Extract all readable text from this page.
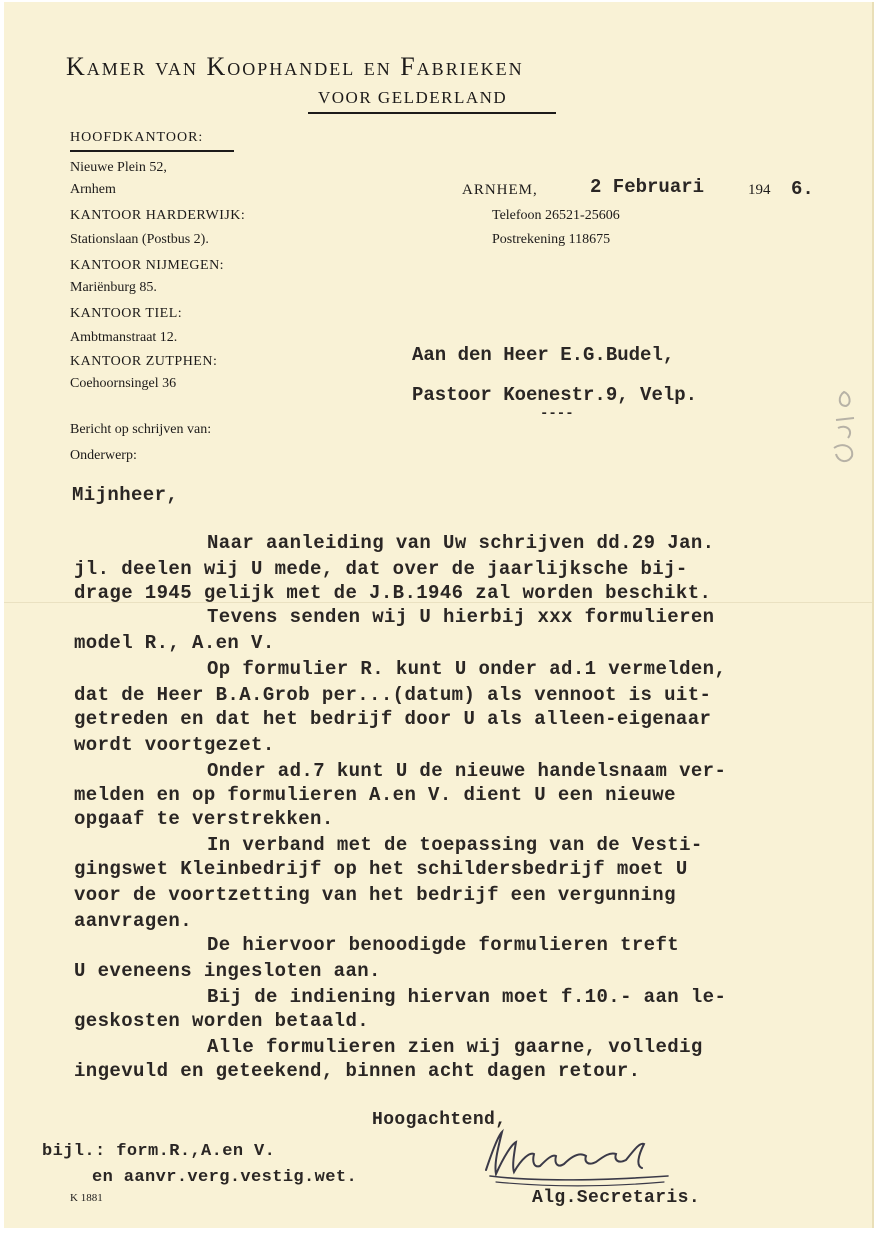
Kamer van Koophandel en Fabrieken
VOOR GELDERLAND
HOOFDKANTOOR:
Nieuwe Plein 52,
Arnhem
KANTOOR HARDERWIJK:
Stationslaan (Postbus 2).
KANTOOR NIJMEGEN:
Mariënburg 85.
KANTOOR TIEL:
Ambtmanstraat 12.
KANTOOR ZUTPHEN:
Coehoornsingel 36
ARNHEM,	2 Februari	194 6.
Telefoon 26521-25606
Postrekening 118675
Aan den Heer E.G.Budel,
Pastoor Koenestr.9, Velp.
----
Bericht op schrijven van:
Onderwerp:
Mijnheer,
Naar aanleiding van Uw schrijven dd.29 Jan.
jl. deelen wij U mede, dat over de jaarlijksche bij-
drage 1945 gelijk met de J.B.1946 zal worden beschikt.
Tevens senden wij U hierbij xxx formulieren
model R., A.en V.
Op formulier R. kunt U onder ad.1 vermelden,
dat de Heer B.A.Grob per...(datum) als vennoot is uit-
getreden en dat het bedrijf door U als alleen-eigenaar
wordt voortgezet.
Onder ad.7 kunt U de nieuwe handelsnaam ver-
melden en op formulieren A.en V. dient U een nieuwe
opgaaf te verstrekken.
In verband met de toepassing van de Vesti-
gingswet Kleinbedrijf op het schildersbedrijf moet U
voor de voortzetting van het bedrijf een vergunning
aanvragen.
De hiervoor benoodigde formulieren treft
U eveneens ingesloten aan.
Bij de indiening hiervan moet f.10.- aan le-
geskosten worden betaald.
Alle formulieren zien wij gaarne, volledig
ingevuld en geteekend, binnen acht dagen retour.
Hoogachtend,
Alg.Secretaris.
bijl.: form.R.,A.en V.
en aanvr.verg.vestig.wet.
K 1881
